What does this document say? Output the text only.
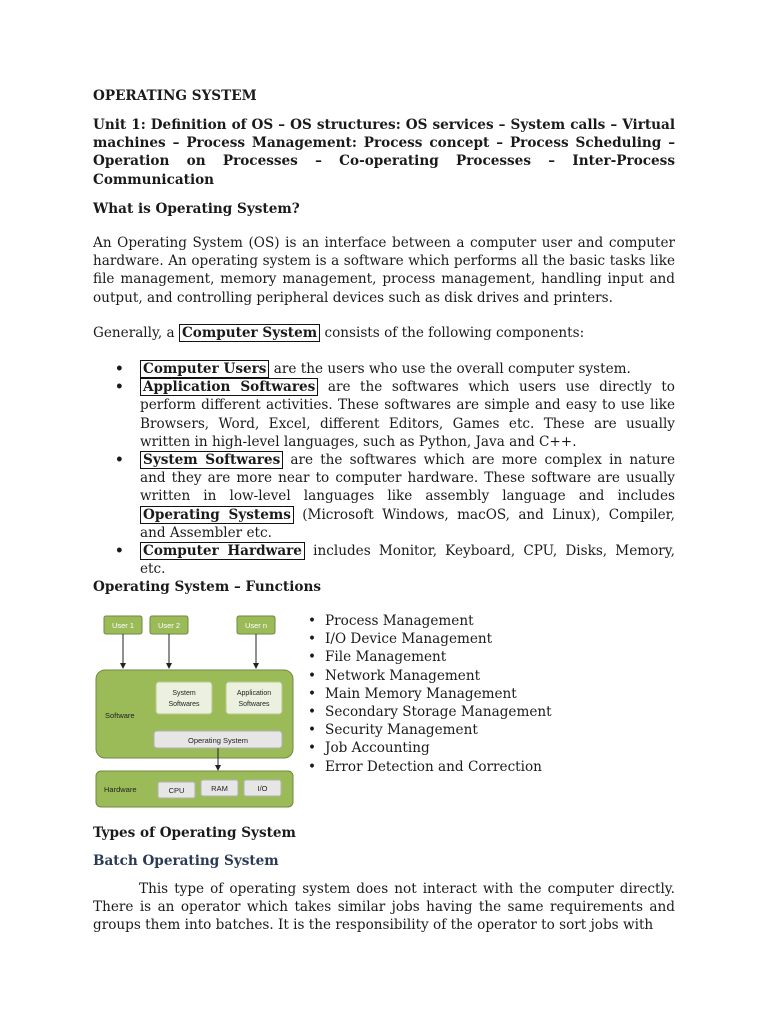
OPERATING SYSTEM
Unit 1: Definition of OS – OS structures: OS services – System calls – Virtual machines – Process Management: Process concept – Process Scheduling – Operation on Processes – Co-operating Processes – Inter-Process Communication
What is Operating System?
An Operating System (OS) is an interface between a computer user and computer hardware. An operating system is a software which performs all the basic tasks like file management, memory management, process management, handling input and output, and controlling peripheral devices such as disk drives and printers.
Generally, a Computer System consists of the following components:
• Computer Users are the users who use the overall computer system.
• Application Softwares are the softwares which users use directly to perform different activities. These softwares are simple and easy to use like Browsers, Word, Excel, different Editors, Games etc. These are usually written in high-level languages, such as Python, Java and C++.
• System Softwares are the softwares which are more complex in nature and they are more near to computer hardware. These software are usually written in low-level languages like assembly language and includes Operating Systems (Microsoft Windows, macOS, and Linux), Compiler, and Assembler etc.
• Computer Hardware includes Monitor, Keyboard, CPU, Disks, Memory, etc.
Operating System – Functions
User 1	User 2	User n
Software
System
Softwares
Application
Softwares
Operating System
Hardware	CPU	RAM	I/O
• Process Management
• I/O Device Management
• File Management
• Network Management
• Main Memory Management
• Secondary Storage Management
• Security Management
• Job Accounting
• Error Detection and Correction
Types of Operating System
Batch Operating System
This type of operating system does not interact with the computer directly. There is an operator which takes similar jobs having the same requirements and groups them into batches. It is the responsibility of the operator to sort jobs with
